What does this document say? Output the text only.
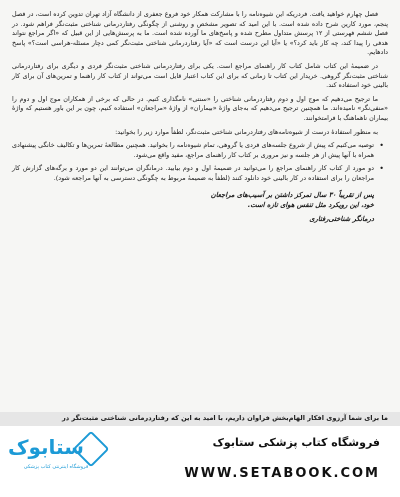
فصل چهارم خواهید یافت. فردریکه این شیوه‌نامه را با مشارکت همکار خود فروغ جعفری از دانشگاه آزاد تهران تدوین کرده است، در فصل پنجم، مورد کارین شرح داده شده است. با این امید که تصویر مشخص و روشنی از چگونگی رفتاردرمانی شناختی مثبت‌نگر فراهم شود. در فصل ششم فهرستی از ۱۲ پرسش متداول مطرح شده و پاسخ‌های ما آورده شده است. ما به پرسش‌هایی از این قبیل که «اگر مراجع نتواند هدفی را پیدا کند، چه کار باید کرد؟» یا «آیا این درست است که «آیا رفتاردرمانی شناختی مثبت‌نگر کمی دچار مسئله-هراسی است؟» پاسخ دادهایم.

در ضمیمۀ این کتاب شامل کتاب کار راهنمای مراجع است. یکی برای رفتاردرمانی شناختی مثبت‌نگر فردی و دیگری برای رفتاردرمانی شناختی مثبت‌نگر گروهی. خریدار این کتاب تا زمانی که برای این کتاب اعتبار قایل است می‌تواند از کتاب کار راهنما و تمرین‌های آن برای کار بالینی خود استفاده کند.

ما ترجیح می‌دهیم که موج اول و دوم رفتاردرمانی شناختی را «سنتی» نامگذاری کنیم. در حالی که برخی از همکاران موج اول و دوم را «منفی‌نگر» نامیده‌اند. ما همچنین ترجیح می‌دهیم که به‌جای واژۀ «بیماران» از واژۀ «مراجعان» استفاده کنیم، چون بر این باور هستیم که واژۀ بیماران ناهماهنگ با فرامتخوانند.

به منظور استفادۀ درست از شیوه‌نامه‌های رفتاردرمانی شناختی مثبت‌نگر، لطفاً موارد زیر را بخوانید:

• توصیه می‌کنیم که پیش از شروع جلسه‌های فردی یا گروهی، تمام شیوه‌نامه را بخوانید. همچنین مطالعۀ تمرین‌ها و تکالیف خانگی پیشنهادی همراه با آنها پیش از هر جلسه و نیز مروری بر کتاب کار راهنمای مراجع، مفید واقع می‌شود.
• دو مورد از کتاب کار راهنمای مراجع را می‌توانید در ضمیمۀ اول و دوم بیابید. درمانگران می‌توانند این دو مورد و برگه‌های گزارش کار مراجعان را برای استفاده در کار بالینی خود دانلود کنند (لطفاً به ضمیمۀ مربوط به چگونگی دسترسی به آنها مراجعه شود).
پس از تقریباً ۳۰ سال تمرکز داشتن بر آسیب‌های مراجعان
خود، این رویکرد مثل تنفس هوای تازه است.
درمانگر شناختی‌رفتاری
ما برای شما آرزوی افکار الهام‌بخش فراوان داریم، با امید به این که رفتاردرمانی شناختی مثبت‌نگر در
ستابوک
فروشگاه اینترنتی کتاب پزشکی
فروشگاه کتاب پزشکی ستابوک
WWW.SETABOOK.COM
